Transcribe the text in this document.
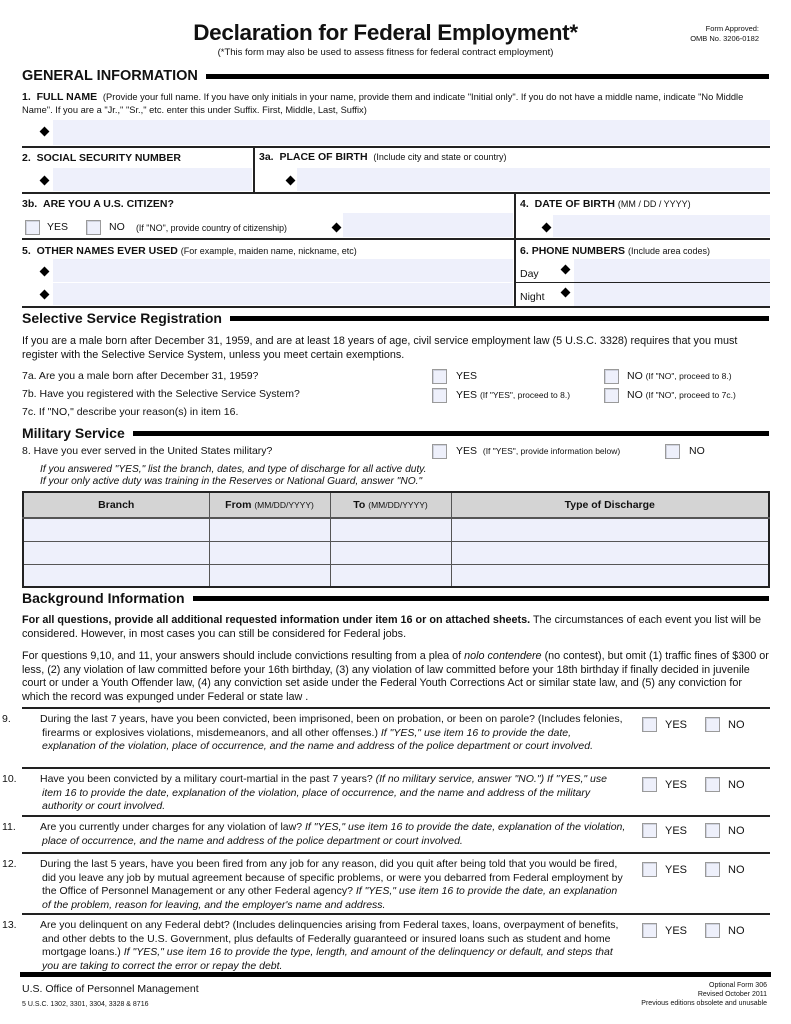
Declaration for Federal Employment*
(*This form may also be used to assess fitness for federal contract employment)
Form Approved:
OMB No. 3206-0182
GENERAL INFORMATION
1. FULL NAME (Provide your full name. If you have only initials in your name, provide them and indicate "Initial only". If you do not have a middle name, indicate "No Middle Name". If you are a "Jr.," "Sr.," etc. enter this under Suffix. First, Middle, Last, Suffix)
2. SOCIAL SECURITY NUMBER	3a. PLACE OF BIRTH (Include city and state or country)
3b. ARE YOU A U.S. CITIZEN?
YES	NO (If "NO", provide country of citizenship)
4. DATE OF BIRTH (MM / DD / YYYY)
5. OTHER NAMES EVER USED (For example, maiden name, nickname, etc)	6. PHONE NUMBERS (Include area codes)
Day
Night
Selective Service Registration
If you are a male born after December 31, 1959, and are at least 18 years of age, civil service employment law (5 U.S.C. 3328) requires that you must register with the Selective Service System, unless you meet certain exemptions.
7a. Are you a male born after December 31, 1959?	YES	NO (If "NO", proceed to 8.)
7b. Have you registered with the Selective Service System?	YES (If "YES", proceed to 8.)	NO (If "NO", proceed to 7c.)
7c. If "NO," describe your reason(s) in item 16.
Military Service
8. Have you ever served in the United States military?	YES (If "YES", provide information below)	NO
If you answered "YES," list the branch, dates, and type of discharge for all active duty.
If your only active duty was training in the Reserves or National Guard, answer "NO."
Branch	From (MM/DD/YYYY)	To (MM/DD/YYYY)	Type of Discharge

Background Information
For all questions, provide all additional requested information under item 16 or on attached sheets. The circumstances of each event you list will be considered. However, in most cases you can still be considered for Federal jobs.
For questions 9,10, and 11, your answers should include convictions resulting from a plea of nolo contendere (no contest), but omit (1) traffic fines of $300 or less, (2) any violation of law committed before your 16th birthday, (3) any violation of law committed before your 18th birthday if finally decided in juvenile court or under a Youth Offender law, (4) any conviction set aside under the Federal Youth Corrections Act or similar state law, and (5) any conviction for which the record was expunged under Federal or state law .
9.	During the last 7 years, have you been convicted, been imprisoned, been on probation, or been on parole? (Includes felonies, firearms or explosives violations, misdemeanors, and all other offenses.) If "YES," use item 16 to provide the date, explanation of the violation, place of occurrence, and the name and address of the police department or court involved.
YES	NO
10. Have you been convicted by a military court-martial in the past 7 years? (If no military service, answer "NO.") If "YES," use item 16 to provide the date, explanation of the violation, place of occurrence, and the name and address of the military authority or court involved.
YES	NO
11. Are you currently under charges for any violation of law? If "YES," use item 16 to provide the date, explanation of the violation, place of occurrence, and the name and address of the police department or court involved.
YES	NO
12. During the last 5 years, have you been fired from any job for any reason, did you quit after being told that you would be fired, did you leave any job by mutual agreement because of specific problems, or were you debarred from Federal employment by the Office of Personnel Management or any other Federal agency? If "YES," use item 16 to provide the date, an explanation of the problem, reason for leaving, and the employer's name and address.
YES	NO
13. Are you delinquent on any Federal debt? (Includes delinquencies arising from Federal taxes, loans, overpayment of benefits, and other debts to the U.S. Government, plus defaults of Federally guaranteed or insured loans such as student and home mortgage loans.) If "YES," use item 16 to provide the type, length, and amount of the delinquency or default, and steps that you are taking to correct the error or repay the debt.
YES	NO
U.S. Office of Personnel Management
5 U.S.C. 1302, 3301, 3304, 3328 & 8716
Optional Form 306
Revised October 2011
Previous editions obsolete and unusable
